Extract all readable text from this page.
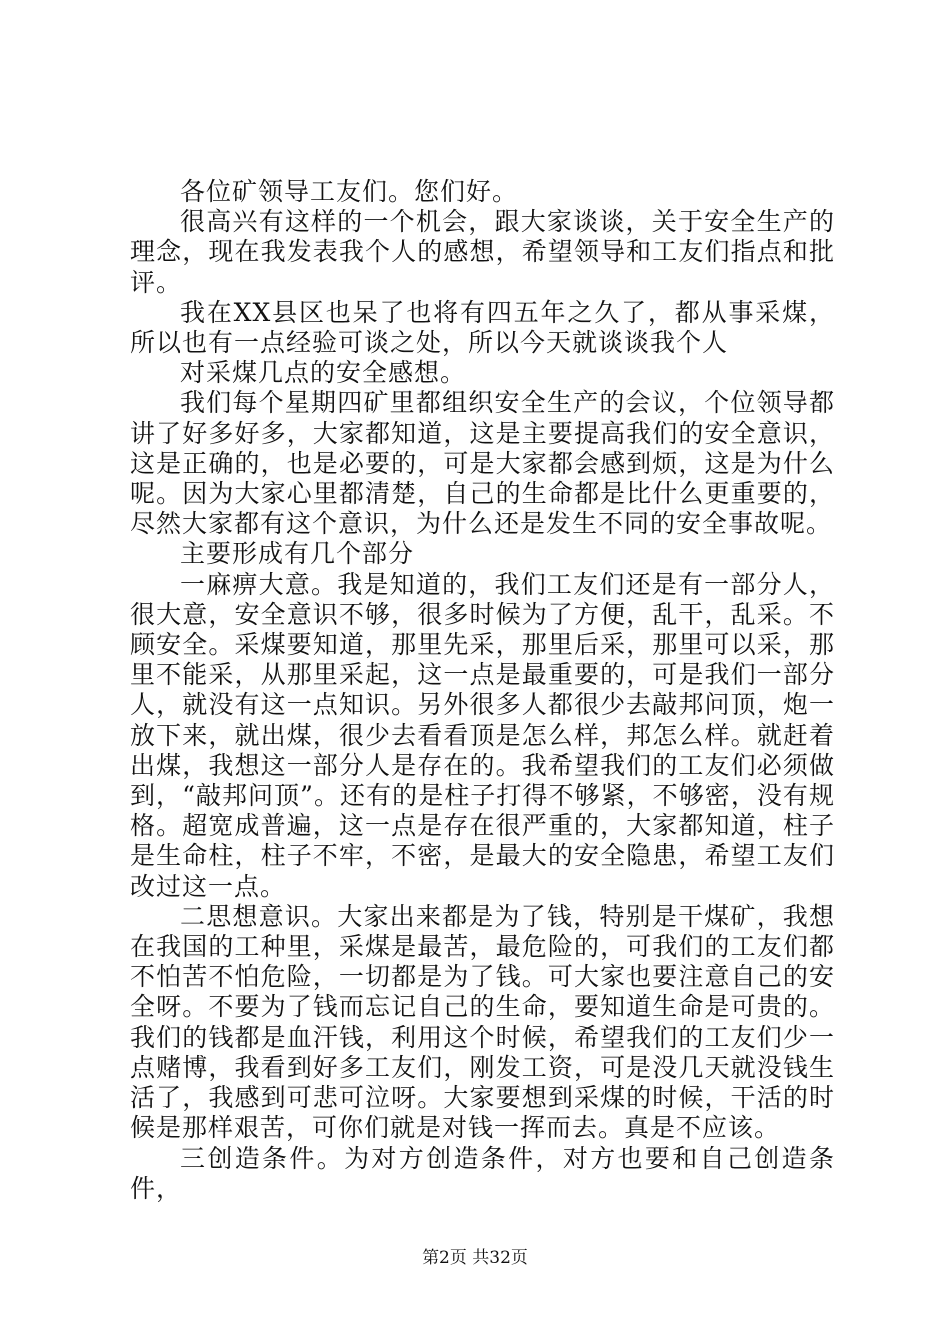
各位矿领导工友们。您们好。

很高兴有这样的一个机会，跟大家谈谈，关于安全生产的理念，现在我发表我个人的感想，希望领导和工友们指点和批评。

我在XX县区也呆了也将有四五年之久了，都从事采煤，所以也有一点经验可谈之处，所以今天就谈谈我个人

对采煤几点的安全感想。

我们每个星期四矿里都组织安全生产的会议，个位领导都讲了好多好多，大家都知道，这是主要提高我们的安全意识，这是正确的，也是必要的，可是大家都会感到烦，这是为什么呢。因为大家心里都清楚，自己的生命都是比什么更重要的，尽然大家都有这个意识，为什么还是发生不同的安全事故呢。

主要形成有几个部分

一麻痹大意。我是知道的，我们工友们还是有一部分人，很大意，安全意识不够，很多时候为了方便，乱干，乱采。不顾安全。采煤要知道，那里先采，那里后采，那里可以采，那里不能采，从那里采起，这一点是最重要的，可是我们一部分人，就没有这一点知识。另外很多人都很少去敲邦问顶，炮一放下来，就出煤，很少去看看顶是怎么样，邦怎么样。就赶着出煤，我想这一部分人是存在的。我希望我们的工友们必须做到，“敲邦问顶”。还有的是柱子打得不够紧，不够密，没有规格。超宽成普遍，这一点是存在很严重的，大家都知道，柱子是生命柱，柱子不牢，不密，是最大的安全隐患，希望工友们改过这一点。

二思想意识。大家出来都是为了钱，特别是干煤矿，我想在我国的工种里，采煤是最苦，最危险的，可我们的工友们都不怕苦不怕危险，一切都是为了钱。可大家也要注意自己的安全呀。不要为了钱而忘记自己的生命，要知道生命是可贵的。我们的钱都是血汗钱，利用这个时候，希望我们的工友们少一点赌博，我看到好多工友们，刚发工资，可是没几天就没钱生活了，我感到可悲可泣呀。大家要想到采煤的时候，干活的时候是那样艰苦，可你们就是对钱一挥而去。真是不应该。

三创造条件。为对方创造条件，对方也要和自己创造条件，

第2页 共32页
